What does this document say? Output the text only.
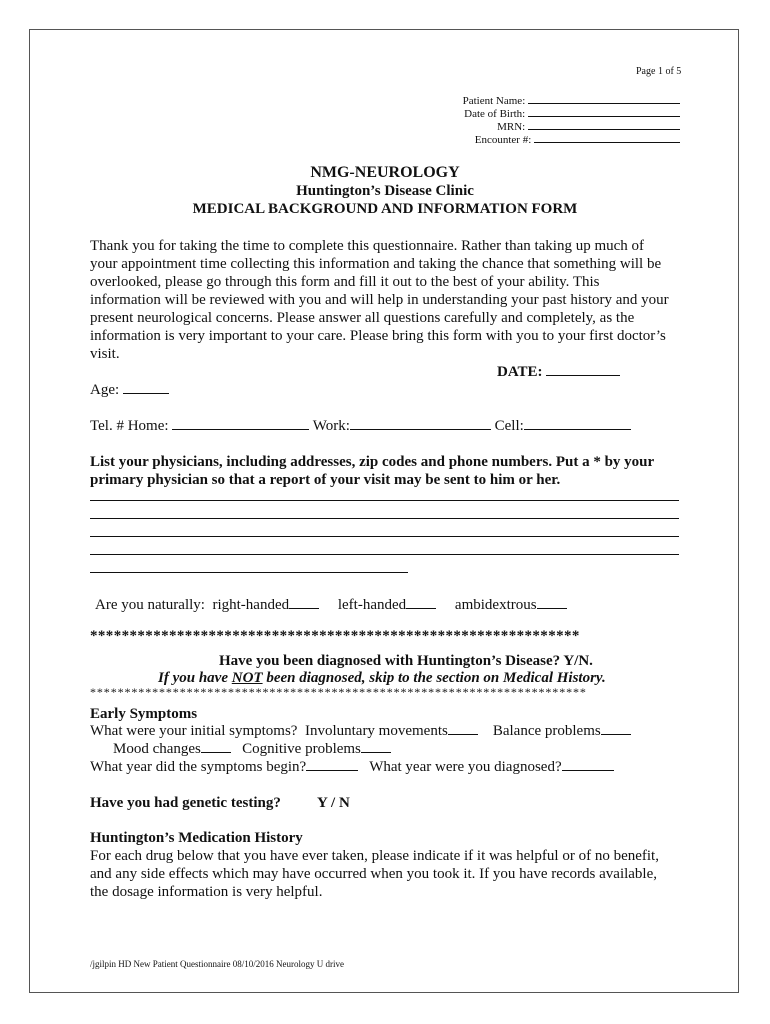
Page 1 of 5
Patient Name:
Date of Birth:
MRN:
Encounter #:
NMG-NEUROLOGY
Huntington’s Disease Clinic
MEDICAL BACKGROUND AND INFORMATION FORM
Thank you for taking the time to complete this questionnaire. Rather than taking up much of
your appointment time collecting this information and taking the chance that something will be
overlooked, please go through this form and fill it out to the best of your ability. This
information will be reviewed with you and will help in understanding your past history and your
present neurological concerns. Please answer all questions carefully and completely, as the
information is very important to your care. Please bring this form with you to your first doctor’s
visit.
DATE:
Age:
Tel. # Home:	Work:	Cell:
List your physicians, including addresses, zip codes and phone numbers. Put a * by your
primary physician so that a report of your visit may be sent to him or her.
Are you naturally: right-handed	left-handed	ambidextrous
**************************************************************
Have you been diagnosed with Huntington’s Disease? Y/N.
If you have NOT been diagnosed, skip to the section on Medical History.
************************************************************************
Early Symptoms
What were your initial symptoms? Involuntary movements	Balance problems
Mood changes	Cognitive problems
What year did the symptoms begin?	What year were you diagnosed?
Have you had genetic testing? Y / N
Huntington’s Medication History
For each drug below that you have ever taken, please indicate if it was helpful or of no benefit,
and any side effects which may have occurred when you took it. If you have records available,
the dosage information is very helpful.
/jgilpin HD New Patient Questionnaire 08/10/2016 Neurology U drive
